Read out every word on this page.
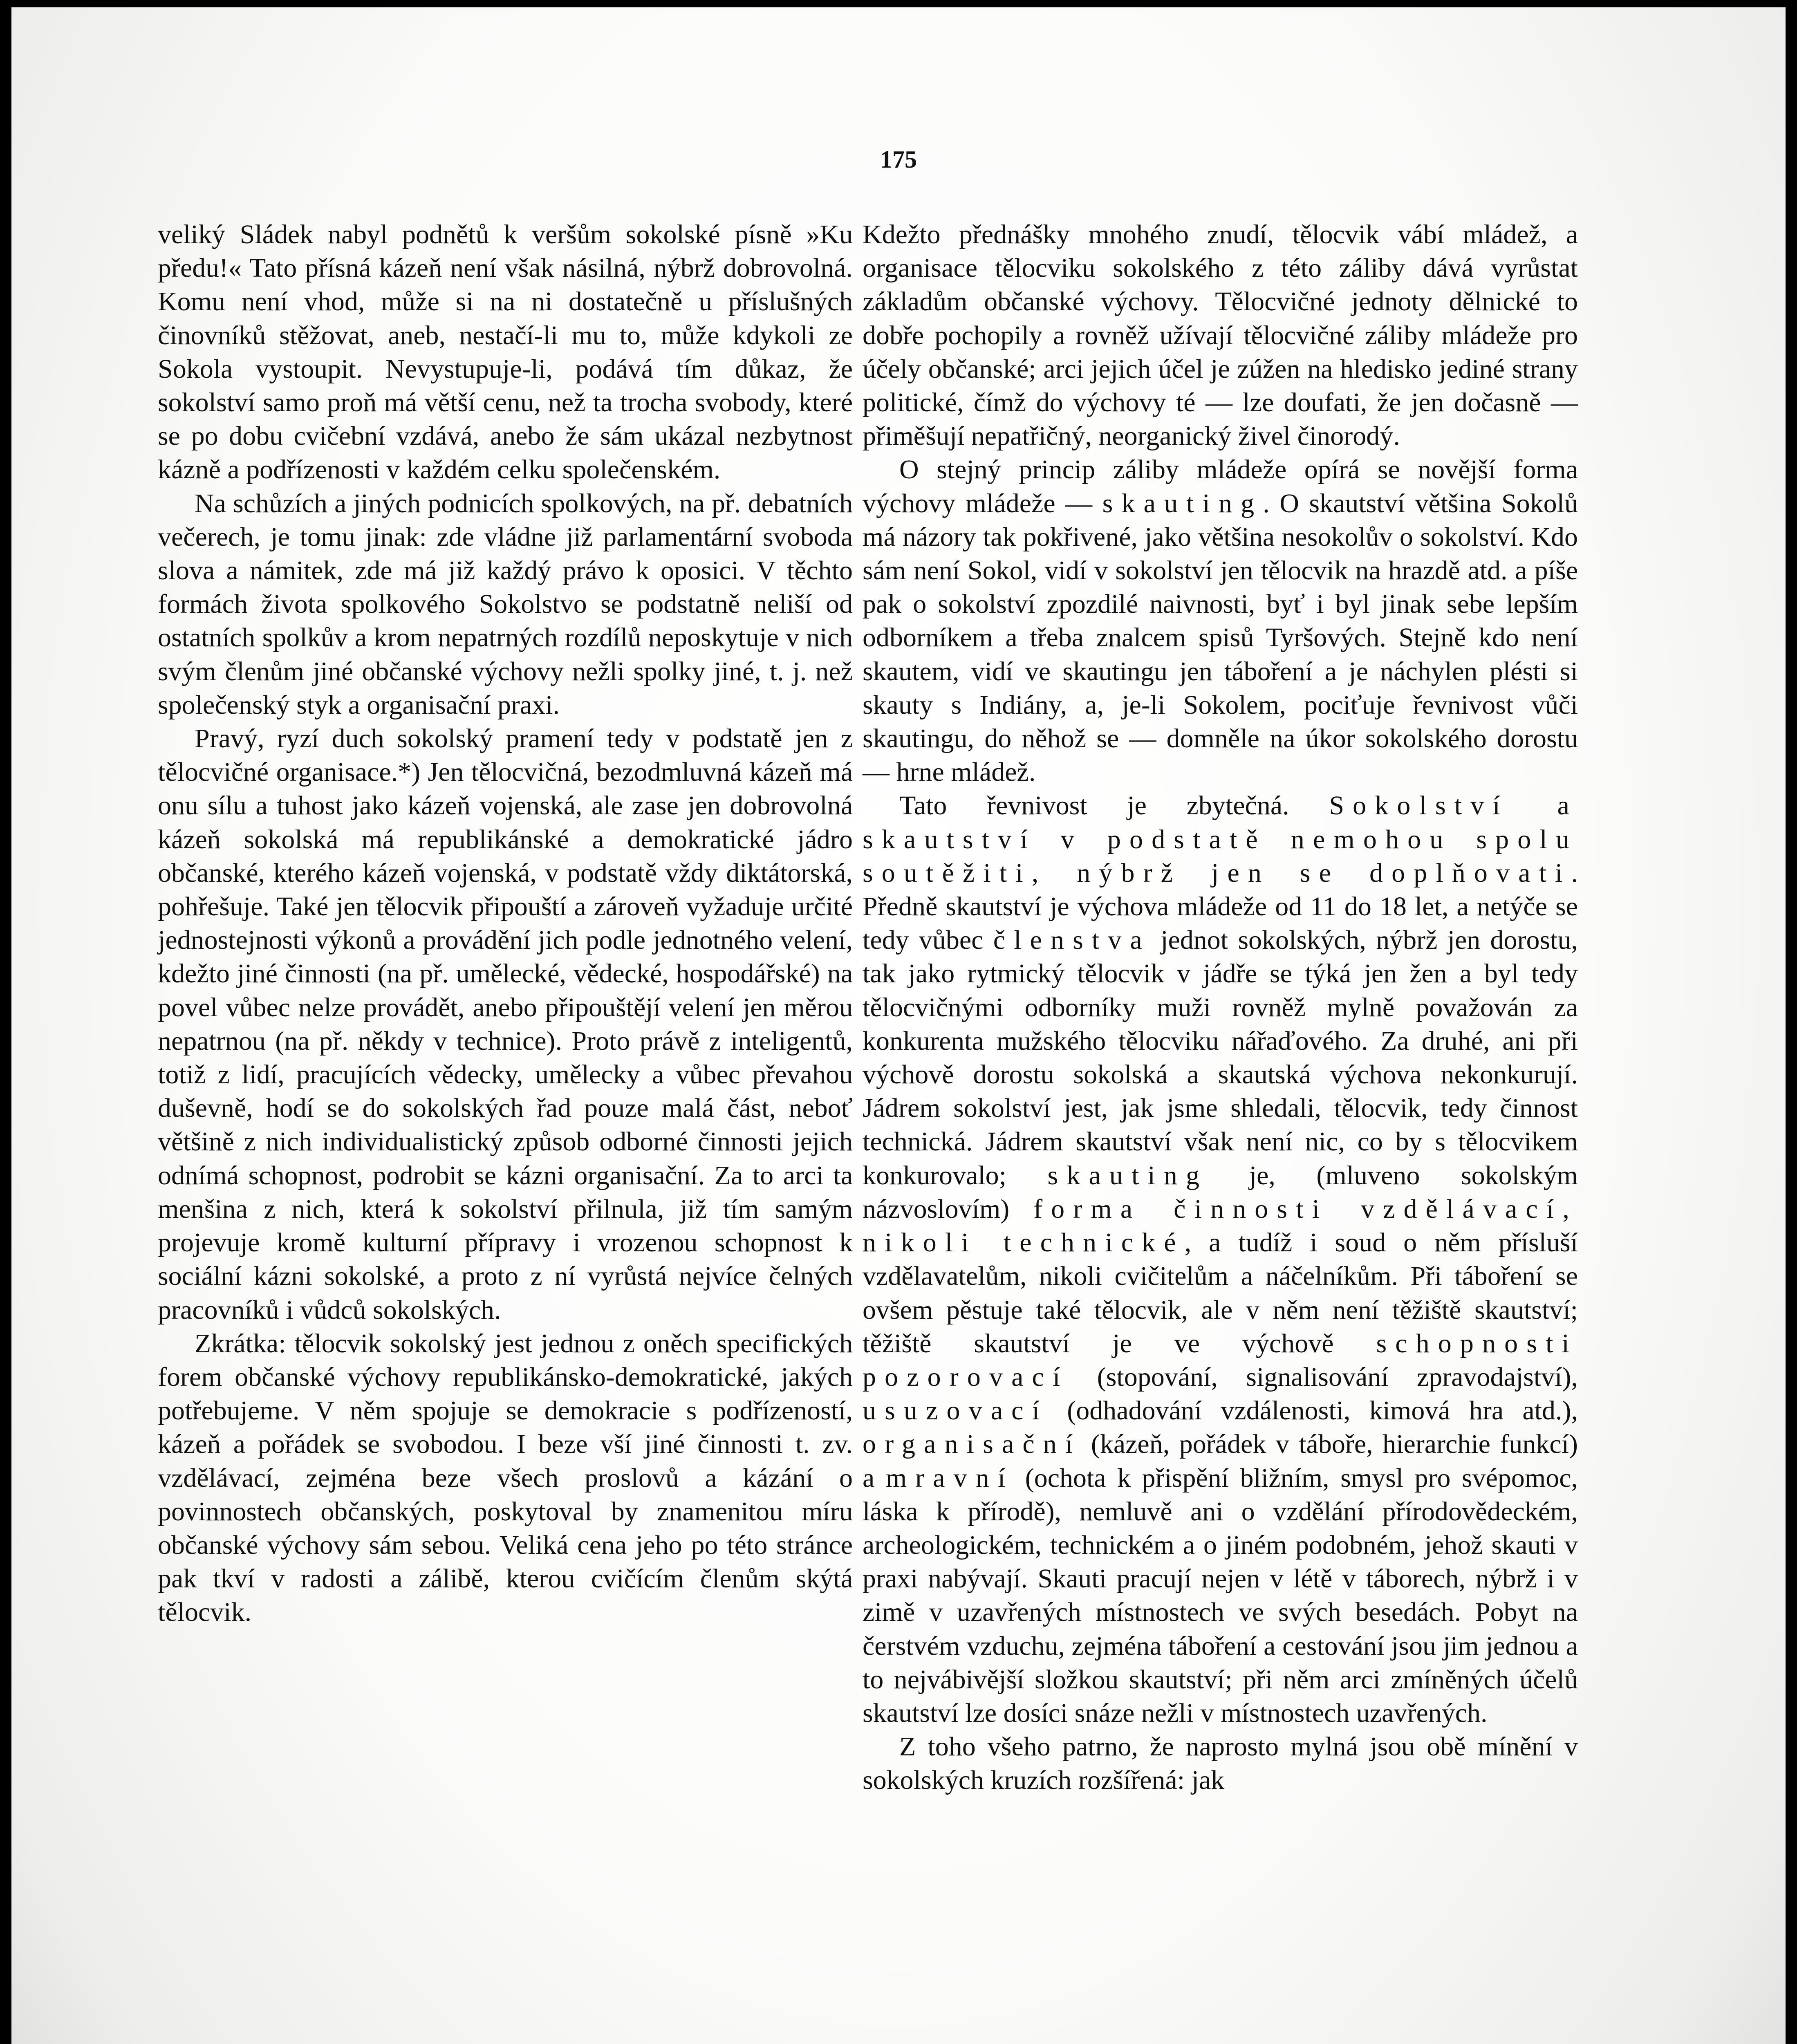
175

veliký Sládek nabyl podnětů k veršům sokolské písně »Ku předu!« Tato přísná kázeň není však násilná, nýbrž dobrovolná. Komu není vhod, může si na ni dostatečně u příslušných činovníků stěžovat, aneb, nestačí-li mu to, může kdykoli ze Sokola vystoupit. Nevystupuje-li, podává tím důkaz, že sokolství samo proň má větší cenu, než ta trocha svobody, které se po dobu cvičební vzdává, anebo že sám ukázal nezbytnost kázně a podřízenosti v každém celku společenském.

Na schůzích a jiných podnicích spolkových, na př. debatních večerech, je tomu jinak: zde vládne již parlamentární svoboda slova a námitek, zde má již každý právo k oposici. V těchto formách života spolkového Sokolstvo se podstatně neliší od ostatních spolkův a krom nepatrných rozdílů neposkytuje v nich svým členům jiné občanské výchovy nežli spolky jiné, t. j. než společenský styk a organisační praxi.

Pravý, ryzí duch sokolský pramení tedy v podstatě jen z tělocvičné organisace.*) Jen tělocvičná, bezodmluvná kázeň má onu sílu a tuhost jako kázeň vojenská, ale zase jen dobrovolná kázeň sokolská má republikánské a demokratické jádro občanské, kterého kázeň vojenská, v podstatě vždy diktátorská, pohřešuje. Také jen tělocvik připouští a zároveň vyžaduje určité jednostejnosti výkonů a provádění jich podle jednotného velení, kdežto jiné činnosti (na př. umělecké, vědecké, hospodářské) na povel vůbec nelze provádět, anebo připouštějí velení jen měrou nepatrnou (na př. někdy v technice). Proto právě z inteligentů, totiž z lidí, pracujících vědecky, umělecky a vůbec převahou duševně, hodí se do sokolských řad pouze malá část, neboť většině z nich individualistický způsob odborné činnosti jejich odnímá schopnost, podrobit se kázni organisační. Za to arci ta menšina z nich, která k sokolství přilnula, již tím samým projevuje kromě kulturní přípravy i vrozenou schopnost k sociální kázni sokolské, a proto z ní vyrůstá nejvíce čelných pracovníků i vůdců sokolských.

Zkrátka: tělocvik sokolský jest jednou z oněch specifických forem občanské výchovy republikánsko-demokratické, jakých potřebujeme. V něm spojuje se demokracie s podřízeností, kázeň a pořádek se svobodou. I beze vší jiné činnosti t. zv. vzdělávací, zejména beze všech proslovů a kázání o povinnostech občanských, poskytoval by znamenitou míru občanské výchovy sám sebou. Veliká cena jeho po této stránce pak tkví v radosti a zálibě, kterou cvičícím členům skýtá tělocvik.

Kdežto přednášky mnohého znudí, tělocvik vábí mládež, a organisace tělocviku sokolského z této záliby dává vyrůstat základům občanské výchovy. Tělocvičné jednoty dělnické to dobře pochopily a rovněž užívají tělocvičné záliby mládeže pro účely občanské; arci jejich účel je zúžen na hledisko jediné strany politické, čímž do výchovy té — lze doufati, že jen dočasně — přiměšují nepatřičný, neorganický živel činorodý.

O stejný princip záliby mládeže opírá se novější forma výchovy mládeže — skauting. O skautství většina Sokolů má názory tak pokřivené, jako většina nesokolův o sokolství. Kdo sám není Sokol, vidí v sokolství jen tělocvik na hrazdě atd. a píše pak o sokolství zpozdilé naivnosti, byť i byl jinak sebe lepším odborníkem a třeba znalcem spisů Tyršových. Stejně kdo není skautem, vidí ve skautingu jen táboření a je náchylen plésti si skauty s Indiány, a, je-li Sokolem, pociťuje řevnivost vůči skautingu, do něhož se — domněle na úkor sokolského dorostu — hrne mládež.

Tato řevnivost je zbytečná. Sokolství a skautství v podstatě nemohou spolu soutěžiti, nýbrž jen se doplňovati. Předně skautství je výchova mládeže od 11 do 18 let, a netýče se tedy vůbec členstva jednot sokolských, nýbrž jen dorostu, tak jako rytmický tělocvik v jádře se týká jen žen a byl tedy tělocvičnými odborníky muži rovněž mylně považován za konkurenta mužského tělocviku nářaďového. Za druhé, ani při výchově dorostu sokolská a skautská výchova nekonkurují. Jádrem sokolství jest, jak jsme shledali, tělocvik, tedy činnost technická. Jádrem skautství však není nic, co by s tělocvikem konkurovalo; skauting je, (mluveno sokolským názvoslovím) forma činnosti vzdělávací, nikoli technické, a tudíž i soud o něm přísluší vzdělavatelům, nikoli cvičitelům a náčelníkům. Při táboření se ovšem pěstuje také tělocvik, ale v něm není těžiště skautství; těžiště skautství je ve výchově schopnosti pozorovací (stopování, signalisování zpravodajství), usuzovací (odhadování vzdálenosti, kimová hra atd.), organisační (kázeň, pořádek v táboře, hierarchie funkcí) a mravní (ochota k přispění bližním, smysl pro svépomoc, láska k přírodě), nemluvě ani o vzdělání přírodovědeckém, archeologickém, technickém a o jiném podobném, jehož skauti v praxi nabývají. Skauti pracují nejen v létě v táborech, nýbrž i v zimě v uzavřených místnostech ve svých besedách. Pobyt na čerstvém vzduchu, zejména táboření a cestování jsou jim jednou a to nejvábivější složkou skautství; při něm arci zmíněných účelů skautství lze dosíci snáze nežli v místnostech uzavřených.

Z toho všeho patrno, že naprosto mylná jsou obě mínění v sokolských kruzích rozšířená: jak
